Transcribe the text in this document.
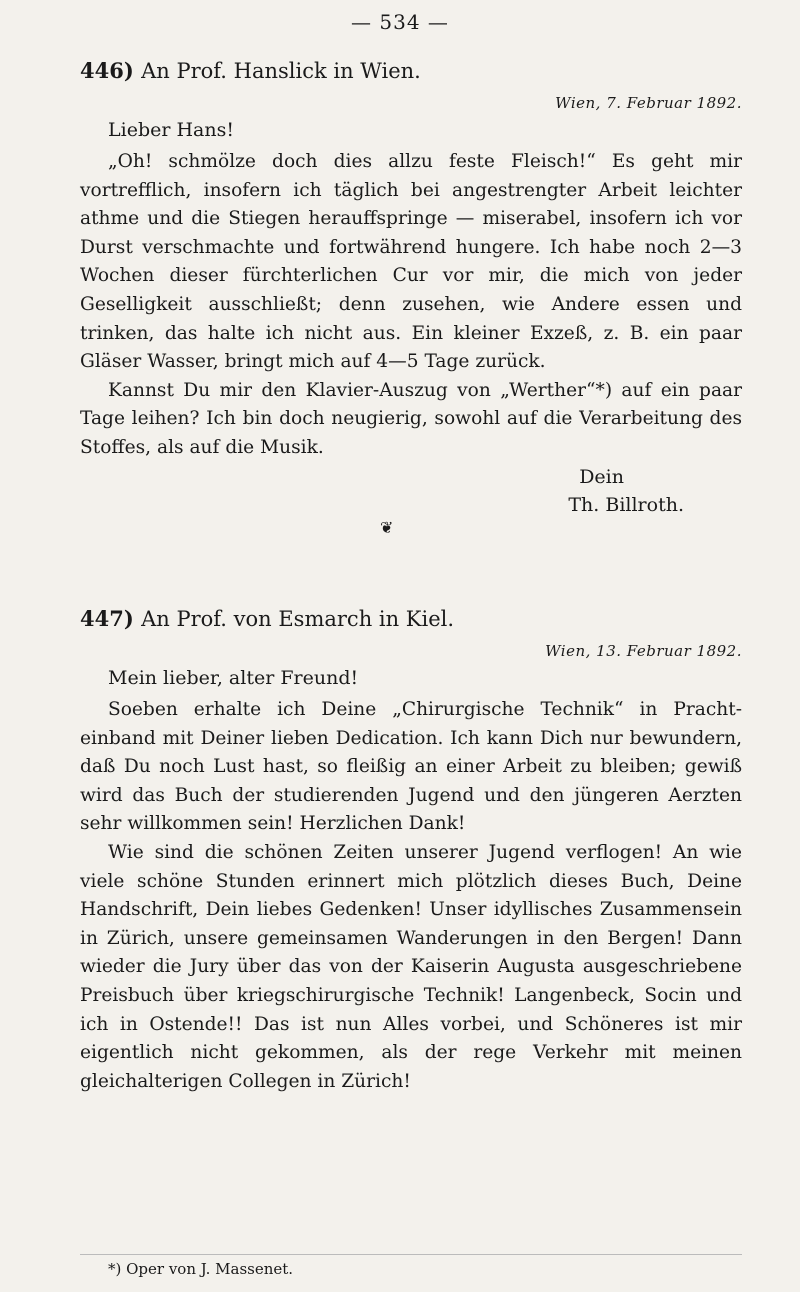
— 534 —
446) An Prof. Hanslick in Wien.
Wien, 7. Februar 1892.
Lieber Hans!

„Oh! schmölze doch dies allzu feste Fleisch!“ Es geht mir vortrefflich, insofern ich täglich bei angestrengter Arbeit leichter athme und die Stiegen herauffspringe — miserabel, insofern ich vor Durst verschmachte und fortwährend hungere. Ich habe noch 2—3 Wochen dieser fürchterlichen Cur vor mir, die mich von jeder Geselligkeit ausschließt; denn zusehen, wie Andere essen und trinken, das halte ich nicht aus. Ein kleiner Exzeß, z. B. ein paar Gläser Wasser, bringt mich auf 4—5 Tage zurück.

Kannst Du mir den Klavier-Auszug von „Werther“*) auf ein paar Tage leihen? Ich bin doch neugierig, sowohl auf die Verarbeitung des Stoffes, als auf die Musik.

Dein
Th. Billroth.
❦
447) An Prof. von Esmarch in Kiel.
Wien, 13. Februar 1892.
Mein lieber, alter Freund!

Soeben erhalte ich Deine „Chirurgische Technik“ in Pracht-einband mit Deiner lieben Dedication. Ich kann Dich nur bewundern, daß Du noch Lust hast, so fleißig an einer Arbeit zu bleiben; gewiß wird das Buch der studierenden Jugend und den jüngeren Aerzten sehr willkommen sein! Herzlichen Dank!

Wie sind die schönen Zeiten unserer Jugend verflogen! An wie viele schöne Stunden erinnert mich plötzlich dieses Buch, Deine Handschrift, Dein liebes Gedenken! Unser idyllisches Zusammensein in Zürich, unsere gemeinsamen Wanderungen in den Bergen! Dann wieder die Jury über das von der Kaiserin Augusta ausgeschriebene Preisbuch über kriegschirurgische Technik! Langenbeck, Socin und ich in Ostende!! Das ist nun Alles vorbei, und Schöneres ist mir eigentlich nicht gekommen, als der rege Verkehr mit meinen gleichalterigen Collegen in Zürich!

*) Oper von J. Massenet.
